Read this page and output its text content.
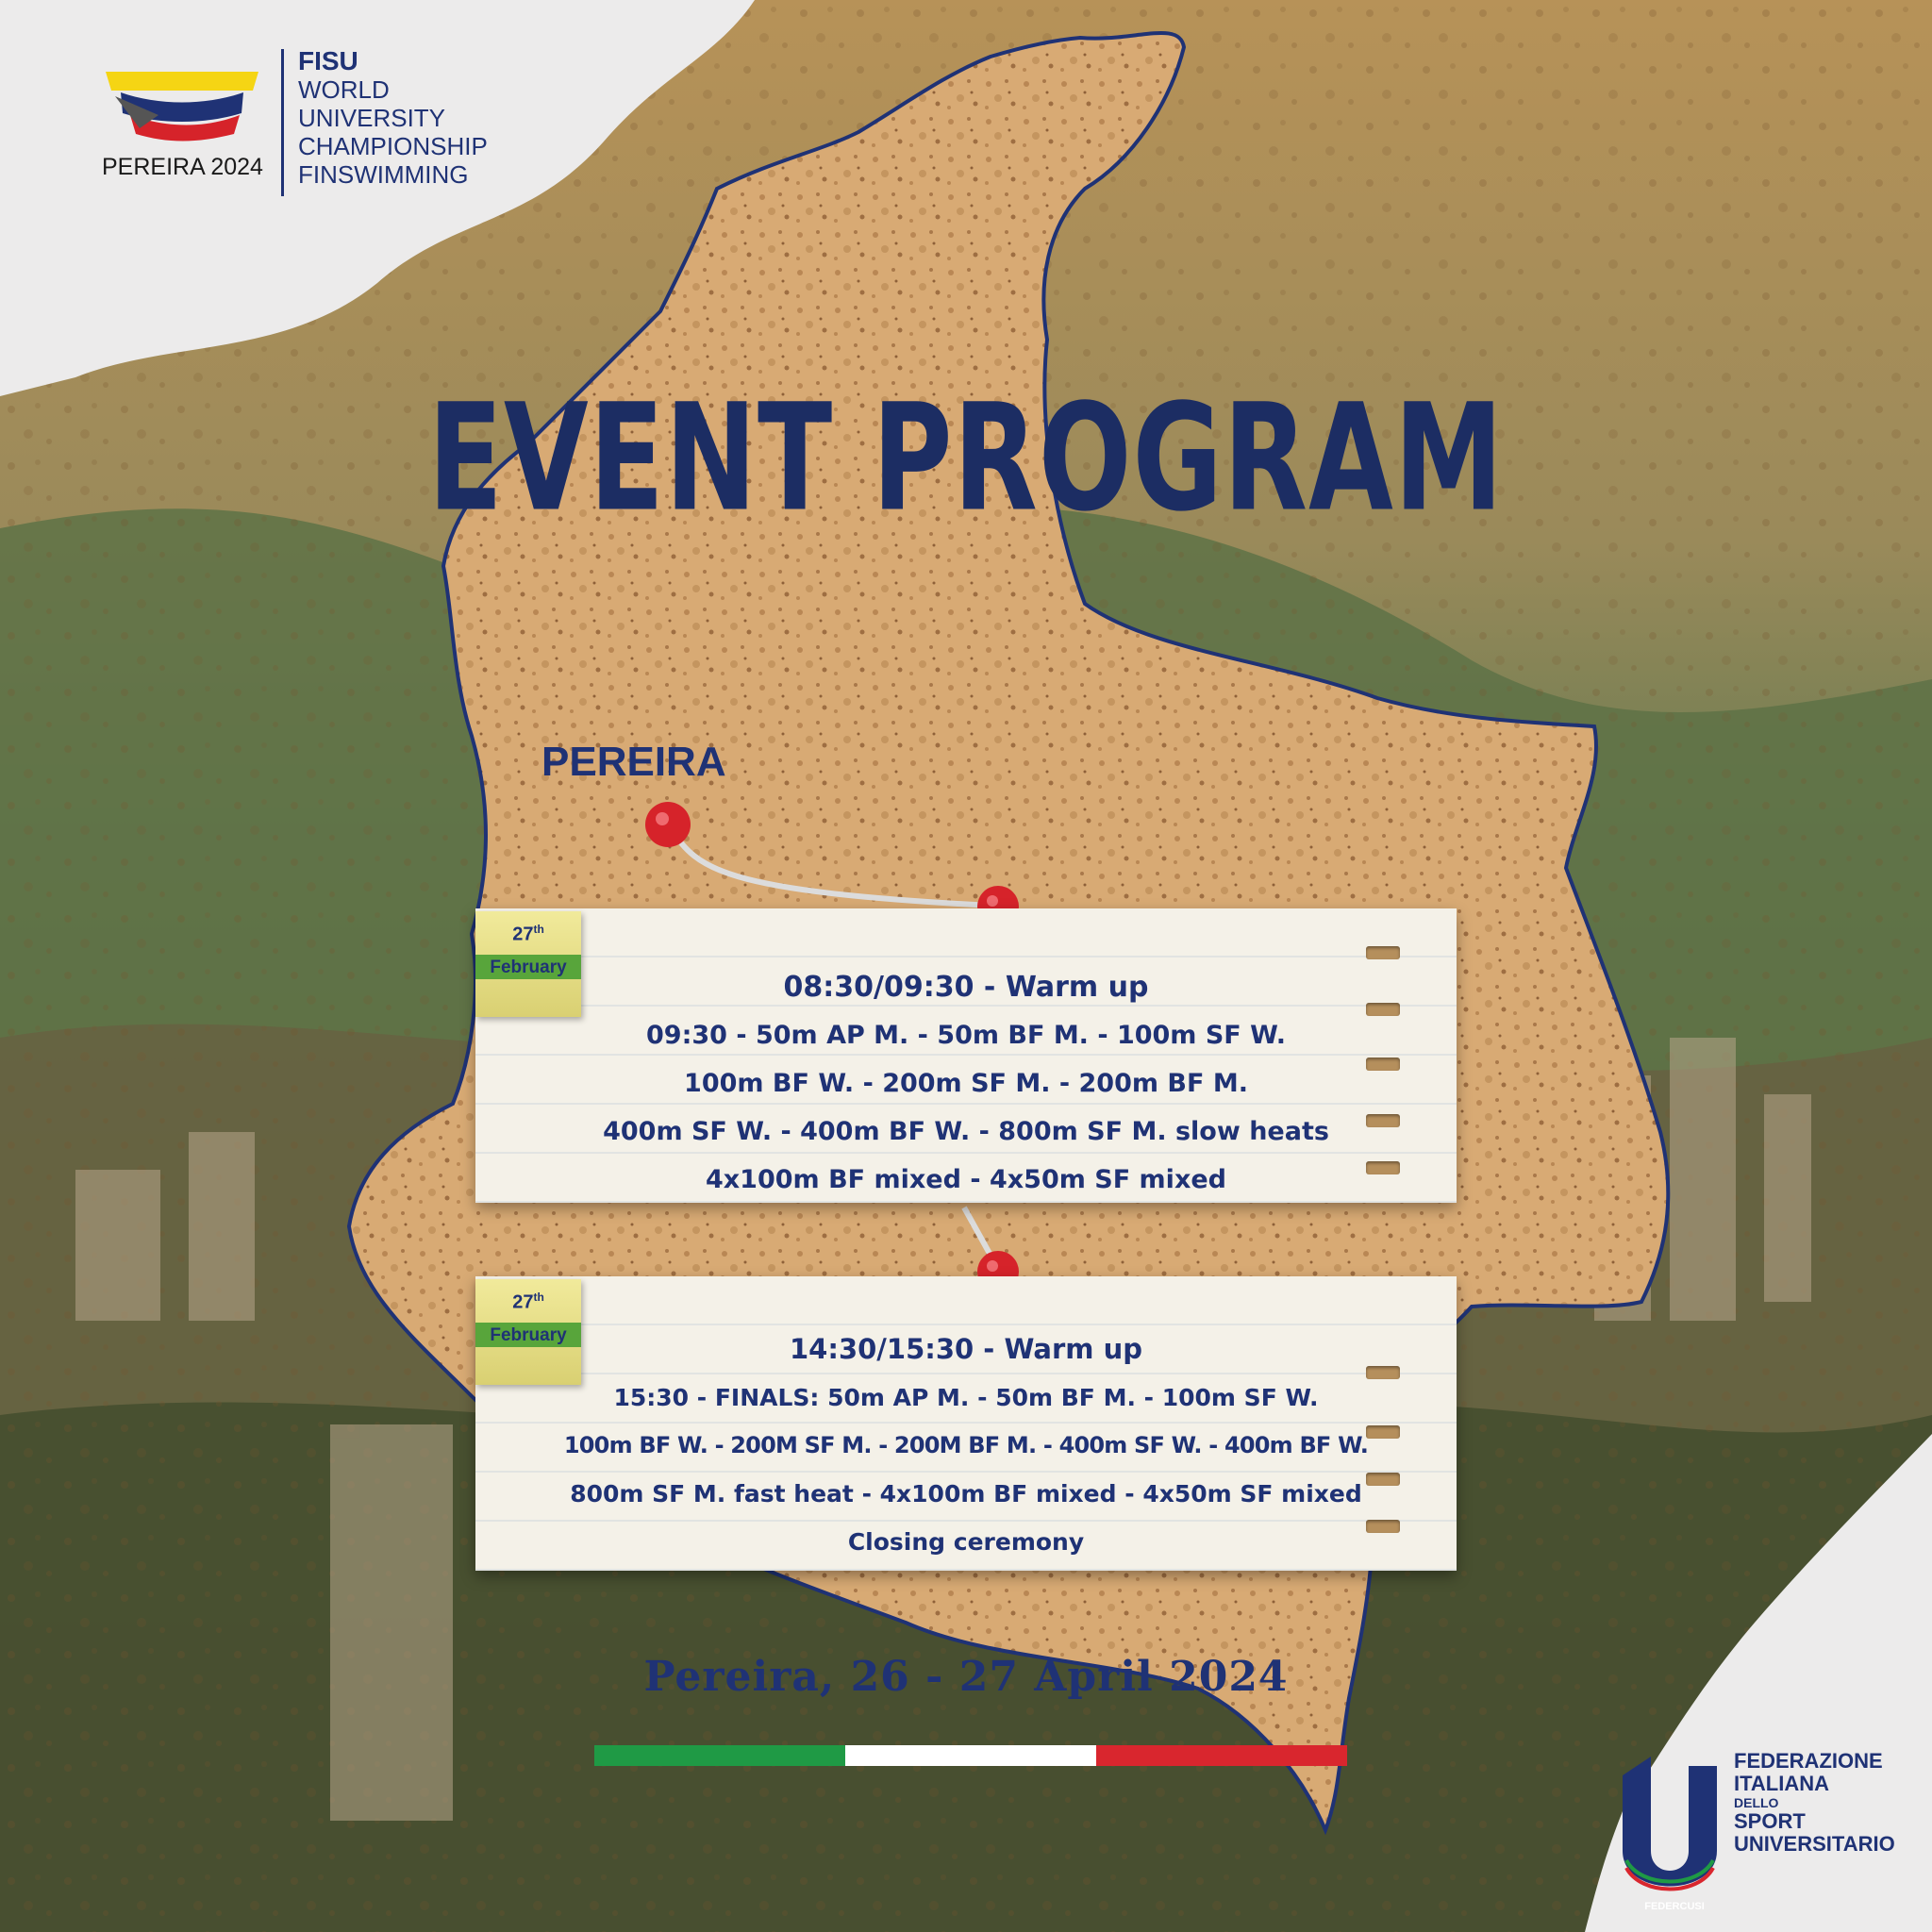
PEREIRA 2024
FISU
WORLD
UNIVERSITY
CHAMPIONSHIP
FINSWIMMING
EVENT PROGRAM
PEREIRA
08:30/09:30 - Warm up
09:30 - 50m AP M. - 50m BF M. - 100m SF W.
100m BF W. - 200m SF M. - 200m BF M.
400m SF W. - 400m BF W. - 800m SF M. slow heats
4x100m BF mixed - 4x50m SF mixed
27th
February
14:30/15:30 - Warm up
15:30 - FINALS: 50m AP M. - 50m BF M. - 100m SF W.
100m BF W. - 200M SF M. - 200M BF M. - 400m SF W. - 400m BF W.
800m SF M. fast heat - 4x100m BF mixed - 4x50m SF mixed
Closing ceremony
27th
February
Pereira, 26 - 27 April 2024
FEDERCUSI
FEDERAZIONE
ITALIANA
DELLO
SPORT
UNIVERSITARIO
